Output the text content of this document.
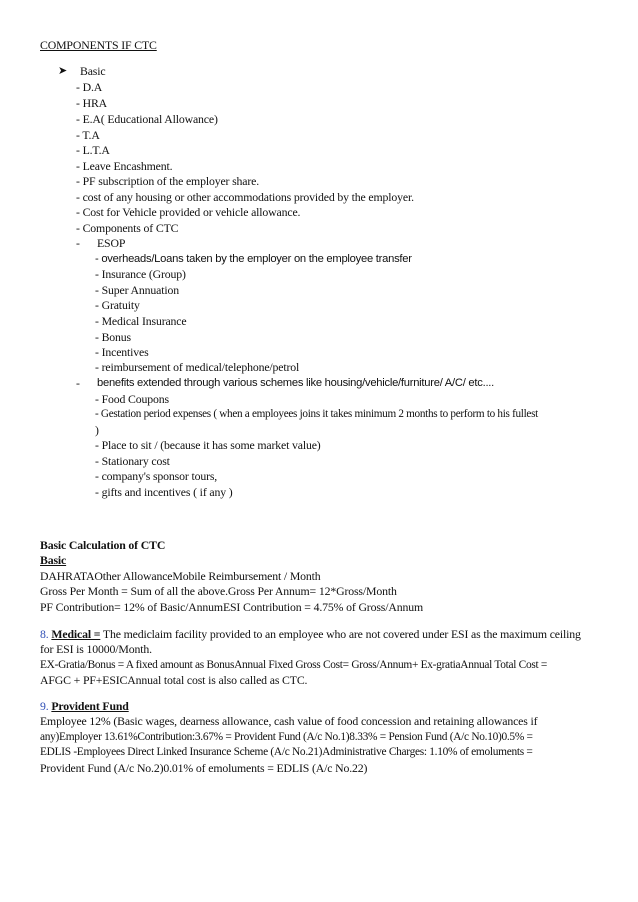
COMPONENTS IF CTC
➤ Basic
- D.A
- HRA
- E.A( Educational Allowance)
- T.A
- L.T.A
- Leave Encashment.
- PF subscription of the employer share.
- cost of any housing or other accommodations provided by the employer.
- Cost for Vehicle provided or vehicle allowance.
- Components of CTC
- ESOP
- overheads/Loans taken by the employer on the employee transfer
- Insurance (Group)
- Super Annuation
- Gratuity
- Medical Insurance
- Bonus
- Incentives
- reimbursement of medical/telephone/petrol
- benefits extended through various schemes like housing/vehicle/furniture/ A/C/ etc....
- Food Coupons
- Gestation period expenses ( when a employees joins it takes minimum 2 months to perform to his fullest
)
- Place to sit / (because it has some market value)
- Stationary cost
- company's sponsor tours,
- gifts and incentives ( if any )
Basic Calculation of CTC
Basic
DAHRATAOther AllowanceMobile Reimbursement / Month
Gross Per Month = Sum of all the above.Gross Per Annum= 12*Gross/Month
PF Contribution= 12% of Basic/AnnumESI Contribution = 4.75% of Gross/Annum
8. Medical = The mediclaim facility provided to an employee who are not covered under ESI as the maximum ceiling
for ESI is 10000/Month.
EX-Gratia/Bonus = A fixed amount as BonusAnnual Fixed Gross Cost= Gross/Annum+ Ex-gratiaAnnual Total Cost =
AFGC + PF+ESICAnnual total cost is also called as CTC.
9. Provident Fund
Employee 12% (Basic wages, dearness allowance, cash value of food concession and retaining allowances if
any)Employer 13.61%Contribution:3.67% = Provident Fund (A/c No.1)8.33% = Pension Fund (A/c No.10)0.5% =
EDLIS -Employees Direct Linked Insurance Scheme (A/c No.21)Administrative Charges: 1.10% of emoluments =
Provident Fund (A/c No.2)0.01% of emoluments = EDLIS (A/c No.22)
